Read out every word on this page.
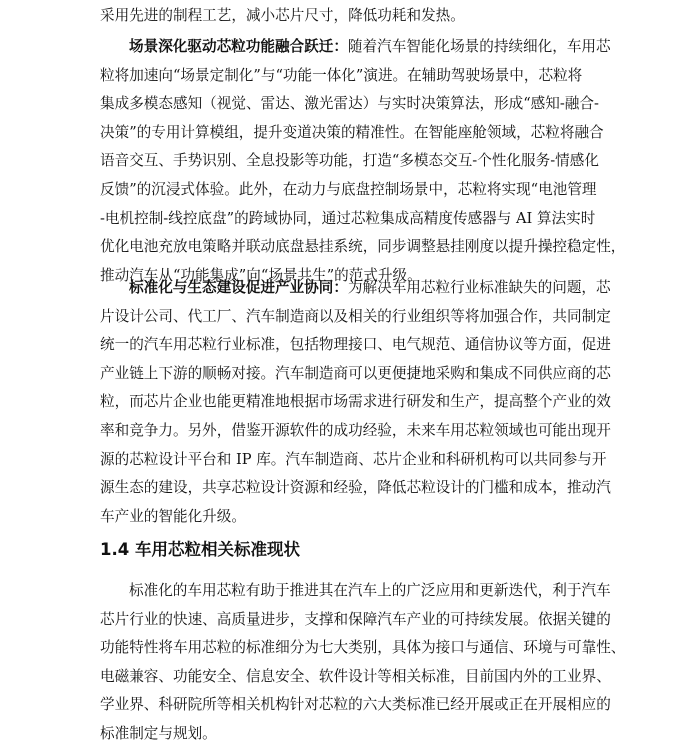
采用先进的制程工艺，减小芯片尺寸，降低功耗和发热。
场景深化驱动芯粒功能融合跃迁：随着汽车智能化场景的持续细化，车用芯
粒将加速向“场景定制化”与“功能一体化”演进。在辅助驾驶场景中，芯粒将
集成多模态感知（视觉、雷达、激光雷达）与实时决策算法，形成“感知-融合-
决策”的专用计算模组，提升变道决策的精准性。在智能座舱领域，芯粒将融合
语音交互、手势识别、全息投影等功能，打造“多模态交互-个性化服务-情感化
反馈”的沉浸式体验。此外，在动力与底盘控制场景中，芯粒将实现“电池管理
-电机控制-线控底盘”的跨域协同，通过芯粒集成高精度传感器与 AI 算法实时
优化电池充放电策略并联动底盘悬挂系统，同步调整悬挂刚度以提升操控稳定性，
推动汽车从“功能集成”向“场景共生”的范式升级。
标准化与生态建设促进产业协同：为解决车用芯粒行业标准缺失的问题，芯
片设计公司、代工厂、汽车制造商以及相关的行业组织等将加强合作，共同制定
统一的汽车用芯粒行业标准，包括物理接口、电气规范、通信协议等方面，促进
产业链上下游的顺畅对接。汽车制造商可以更便捷地采购和集成不同供应商的芯
粒，而芯片企业也能更精准地根据市场需求进行研发和生产，提高整个产业的效
率和竞争力。另外，借鉴开源软件的成功经验，未来车用芯粒领域也可能出现开
源的芯粒设计平台和 IP 库。汽车制造商、芯片企业和科研机构可以共同参与开
源生态的建设，共享芯粒设计资源和经验，降低芯粒设计的门槛和成本，推动汽
车产业的智能化升级。
1.4 车用芯粒相关标准现状
标准化的车用芯粒有助于推进其在汽车上的广泛应用和更新迭代，利于汽车
芯片行业的快速、高质量进步，支撑和保障汽车产业的可持续发展。依据关键的
功能特性将车用芯粒的标准细分为七大类别，具体为接口与通信、环境与可靠性、
电磁兼容、功能安全、信息安全、软件设计等相关标准，目前国内外的工业界、
学业界、科研院所等相关机构针对芯粒的六大类标准已经开展或正在开展相应的
标准制定与规划。
